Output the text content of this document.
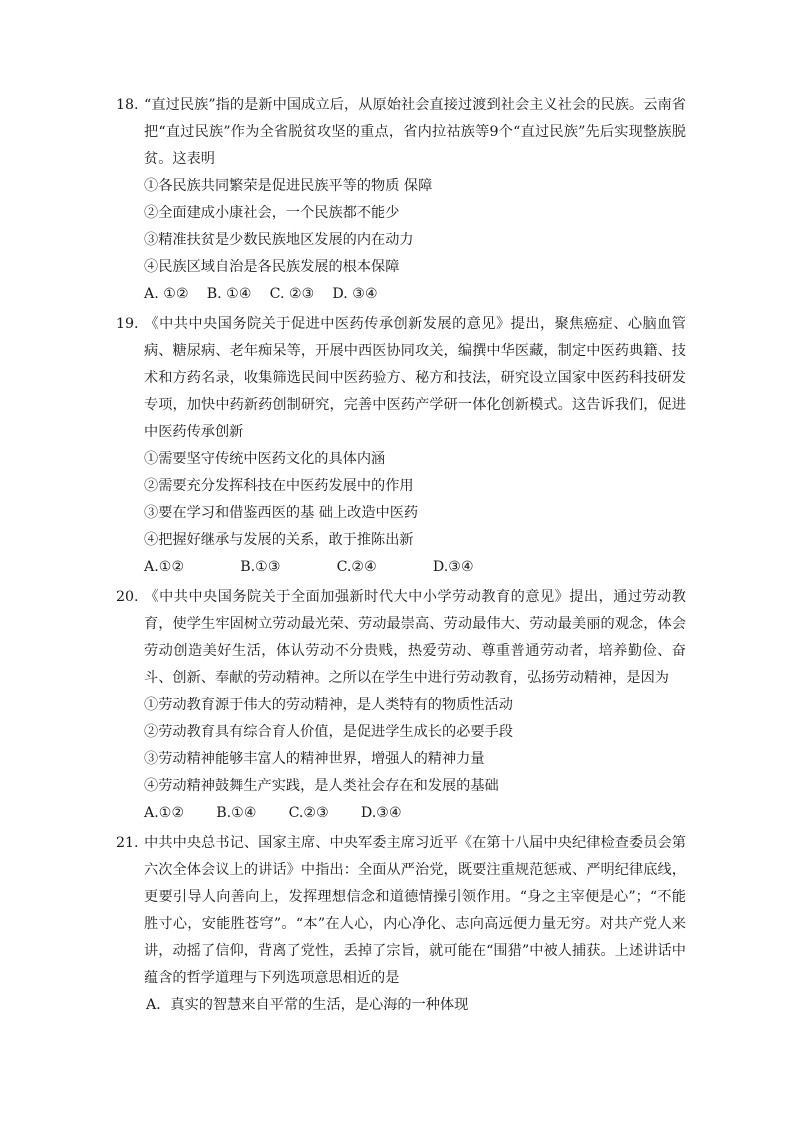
18. “直过民族”指的是新中国成立后，从原始社会直接过渡到社会主义社会的民族。云南省把“直过民族”作为全省脱贫攻坚的重点，省内拉祜族等9个“直过民族”先后实现整族脱贫。这表明

①各民族共同繁荣是促进民族平等的物质 保障

②全面建成小康社会，一个民族都不能少

③精准扶贫是少数民族地区发展的内在动力

④民族区域自治是各民族发展的根本保障

A. ①② B. ①④ C. ②③ D. ③④

19. 《中共中央国务院关于促进中医药传承创新发展的意见》提出，聚焦癌症、心脑血管病、糖尿病、老年痴呆等，开展中西医协同攻关，编撰中华医藏，制定中医药典籍、技术和方药名录，收集筛选民间中医药验方、秘方和技法，研究设立国家中医药科技研发专项，加快中药新药创制研究，完善中医药产学研一体化创新模式。这告诉我们，促进中医药传承创新

①需要坚守传统中医药文化的具体内涵

②需要充分发挥科技在中医药发展中的作用

③要在学习和借鉴西医的基 础上改造中医药

④把握好继承与发展的关系，敢于推陈出新

A.①②	B.①③	C.②④	D.③④

20. 《中共中央国务院关于全面加强新时代大中小学劳动教育的意见》提出，通过劳动教育，使学生牢固树立劳动最光荣、劳动最崇高、劳动最伟大、劳动最美丽的观念，体会劳动创造美好生活，体认劳动不分贵贱，热爱劳动、尊重普通劳动者，培养勤俭、奋斗、创新、奉献的劳动精神。之所以在学生中进行劳动教育，弘扬劳动精神，是因为

①劳动教育源于伟大的劳动精神，是人类特有的物质性活动

②劳动教育具有综合育人价值，是促进学生成长的必要手段

③劳动精神能够丰富人的精神世界，增强人的精神力量

④劳动精神鼓舞生产实践，是人类社会存在和发展的基础

A.①② B.①④ C.②③ D.③④

21. 中共中央总书记、国家主席、中央军委主席习近平《在第十八届中央纪律检查委员会第六次全体会议上的讲话》中指出：全面从严治党，既要注重规范惩戒、严明纪律底线，更要引导人向善向上，发挥理想信念和道德情操引领作用。“身之主宰便是心”；“不能胜寸心，安能胜苍穹”。“本”在人心，内心净化、志向高远便力量无穷。对共产党人来讲，动摇了信仰，背离了党性，丢掉了宗旨，就可能在“围猎”中被人捕获。上述讲话中蕴含的哲学道理与下列选项意思相近的是

A．真实的智慧来自平常的生活，是心海的一种体现
